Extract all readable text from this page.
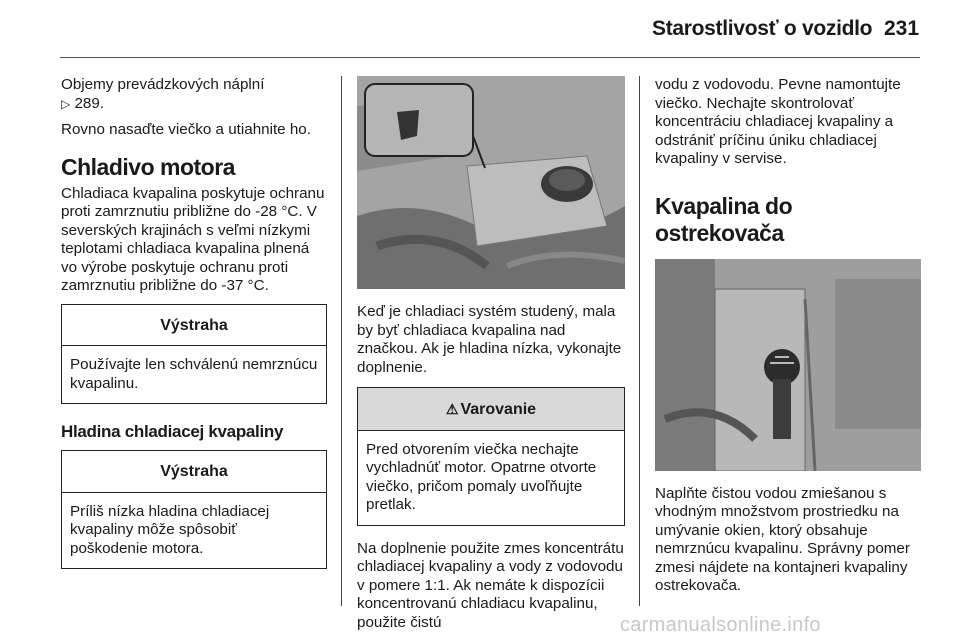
Starostlivosť o vozidlo 231

Objemy prevádzkových náplní
▷ 289.

Rovno nasaďte viečko a utiahnite ho.

Chladivo motora

Chladiaca kvapalina poskytuje ochranu proti zamrznutiu približne do -28 °C. V severských krajinách s veľmi nízkymi teplotami chladiaca kvapalina plnená vo výrobe poskytuje ochranu proti zamrznutiu približne do -37 °C.

Výstraha
Používajte len schválenú nemrznúcu kvapalinu.
Hladina chladiacej kvapaliny
Výstraha
Príliš nízka hladina chladiacej kvapaliny môže spôsobiť poškodenie motora.

Keď je chladiaci systém studený, mala by byť chladiaca kvapalina nad značkou. Ak je hladina nízka, vykonajte doplnenie.

⚠ Varovanie
Pred otvorením viečka nechajte vychladnúť motor. Opatrne otvorte viečko, pričom pomaly uvoľňujte pretlak.

Na doplnenie použite zmes koncentrátu chladiacej kvapaliny a vody z vodovodu v pomere 1:1. Ak nemáte k dispozícii koncentrovanú chladiacu kvapalinu, použite čistú

vodu z vodovodu. Pevne namontujte viečko. Nechajte skontrolovať koncentráciu chladiacej kvapaliny a odstrániť príčinu úniku chladiacej kvapaliny v servise.

Kvapalina do ostrekovača

Naplňte čistou vodou zmiešanou s vhodným množstvom prostriedku na umývanie okien, ktorý obsahuje nemrznúcu kvapalinu. Správny pomer zmesi nájdete na kontajneri kvapaliny ostrekovača.

carmanualsonline.info
